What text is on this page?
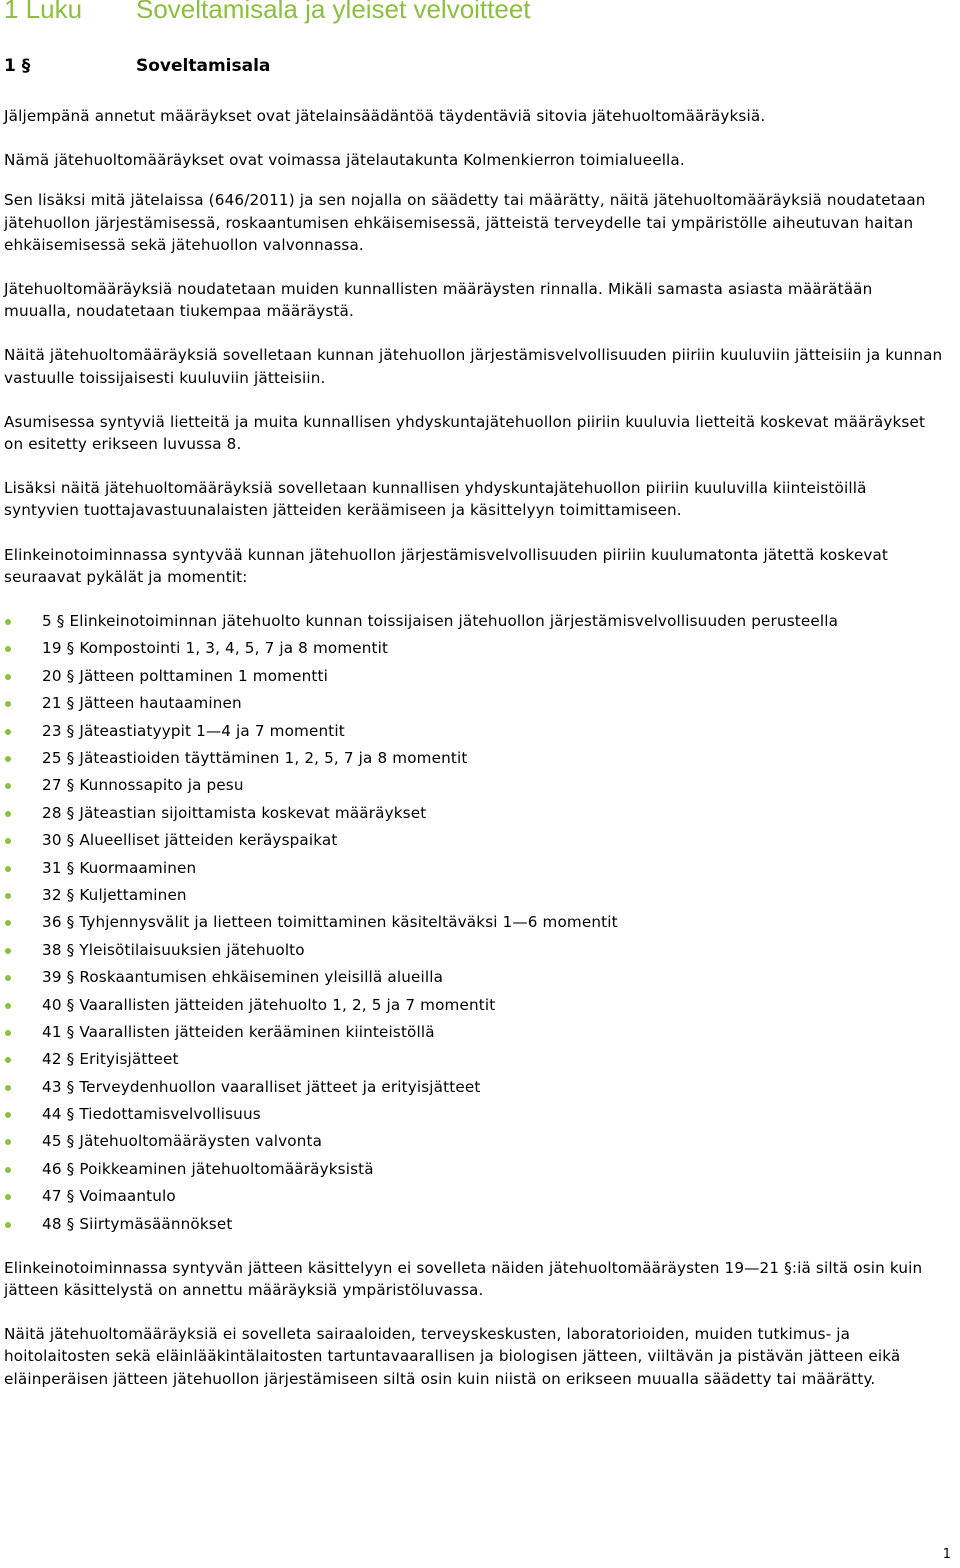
1 Luku Soveltamisala ja yleiset velvoitteet
1 §	Soveltamisala

Jäljempänä annetut määräykset ovat jätelainsäädäntöä täydentäviä sitovia jätehuoltomääräyksiä.

Nämä jätehuoltomääräykset ovat voimassa jätelautakunta Kolmenkierron toimialueella.

Sen lisäksi mitä jätelaissa (646/2011) ja sen nojalla on säädetty tai määrätty, näitä jätehuoltomääräyksiä noudatetaan jätehuollon järjestämisessä, roskaantumisen ehkäisemisessä, jätteistä terveydelle tai ympäristölle aiheutuvan haitan ehkäisemisessä sekä jätehuollon valvonnassa.

Jätehuoltomääräyksiä noudatetaan muiden kunnallisten määräysten rinnalla. Mikäli samasta asiasta määrätään muualla, noudatetaan tiukempaa määräystä.

Näitä jätehuoltomääräyksiä sovelletaan kunnan jätehuollon järjestämisvelvollisuuden piiriin kuuluviin jätteisiin ja kunnan vastuulle toissijaisesti kuuluviin jätteisiin.

Asumisessa syntyviä lietteitä ja muita kunnallisen yhdyskuntajätehuollon piiriin kuuluvia lietteitä koskevat määräykset on esitetty erikseen luvussa 8.

Lisäksi näitä jätehuoltomääräyksiä sovelletaan kunnallisen yhdyskuntajätehuollon piiriin kuuluvilla kiinteistöillä syntyvien tuottajavastuunalaisten jätteiden keräämiseen ja käsittelyyn toimittamiseen.

Elinkeinotoiminnassa syntyvää kunnan jätehuollon järjestämisvelvollisuuden piiriin kuulumatonta jätettä koskevat seuraavat pykälät ja momentit:

5 § Elinkeinotoiminnan jätehuolto kunnan toissijaisen jätehuollon järjestämisvelvollisuuden perusteella
19 § Kompostointi 1, 3, 4, 5, 7 ja 8 momentit
20 § Jätteen polttaminen 1 momentti
21 § Jätteen hautaaminen
23 § Jäteastiatyypit 1—4 ja 7 momentit
25 § Jäteastioiden täyttäminen 1, 2, 5, 7 ja 8 momentit
27 § Kunnossapito ja pesu
28 § Jäteastian sijoittamista koskevat määräykset
30 § Alueelliset jätteiden keräyspaikat
31 § Kuormaaminen
32 § Kuljettaminen
36 § Tyhjennysvälit ja lietteen toimittaminen käsiteltäväksi 1—6 momentit
38 § Yleisötilaisuuksien jätehuolto
39 § Roskaantumisen ehkäiseminen yleisillä alueilla
40 § Vaarallisten jätteiden jätehuolto 1, 2, 5 ja 7 momentit
41 § Vaarallisten jätteiden kerääminen kiinteistöllä
42 § Erityisjätteet
43 § Terveydenhuollon vaaralliset jätteet ja erityisjätteet
44 § Tiedottamisvelvollisuus
45 § Jätehuoltomääräysten valvonta
46 § Poikkeaminen jätehuoltomääräyksistä
47 § Voimaantulo
48 § Siirtymäsäännökset

Elinkeinotoiminnassa syntyvän jätteen käsittelyyn ei sovelleta näiden jätehuoltomääräysten 19—21 §:iä siltä osin kuin jätteen käsittelystä on annettu määräyksiä ympäristöluvassa.

Näitä jätehuoltomääräyksiä ei sovelleta sairaaloiden, terveyskeskusten, laboratorioiden, muiden tutkimus- ja hoitolaitosten sekä eläinlääkintälaitosten tartuntavaarallisen ja biologisen jätteen, viiltävän ja pistävän jätteen eikä eläinperäisen jätteen jätehuollon järjestämiseen siltä osin kuin niistä on erikseen muualla säädetty tai määrätty.

1
